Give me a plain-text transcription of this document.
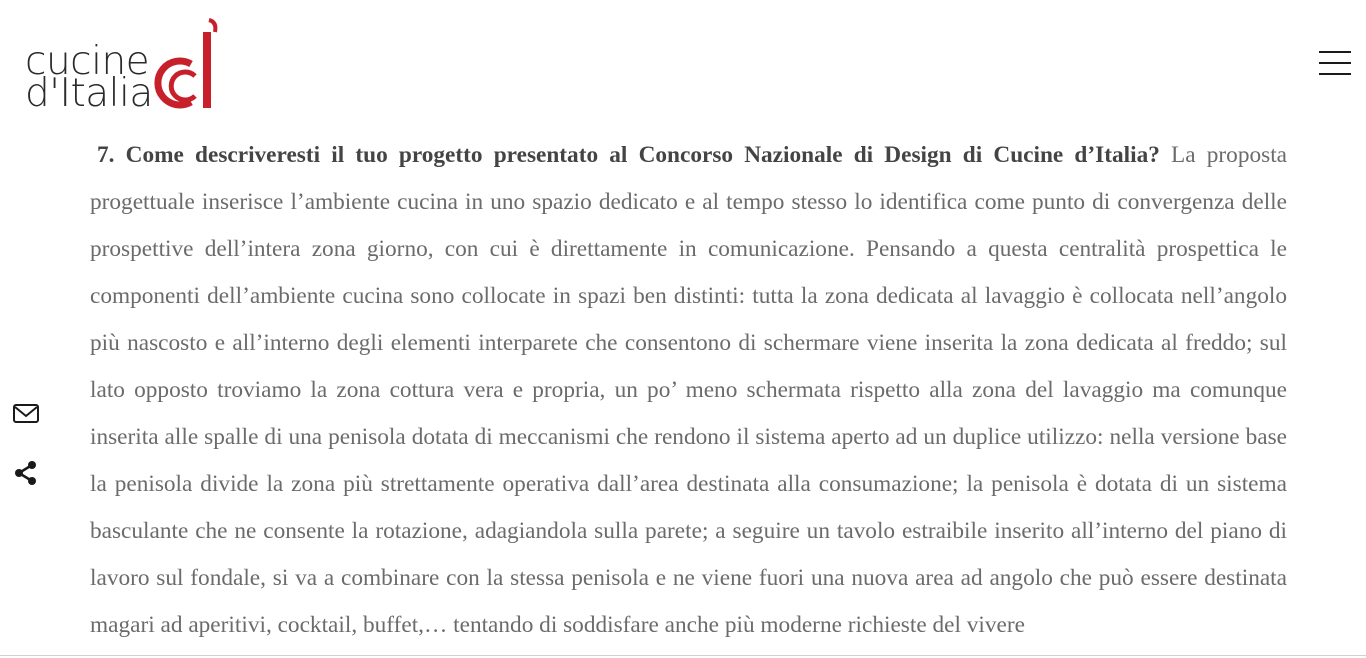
cucine
d'Italia

7. Come descriveresti il tuo progetto presentato al Concorso Nazionale di Design di Cucine d’Italia? La proposta progettuale inserisce l’ambiente cucina in uno spazio dedicato e al tempo stesso lo identifica come punto di convergenza delle prospettive dell’intera zona giorno, con cui è direttamente in comunicazione. Pensando a questa centralità prospettica le componenti dell’ambiente cucina sono collocate in spazi ben distinti: tutta la zona dedicata al lavaggio è collocata nell’angolo più nascosto e all’interno degli elementi interparete che consentono di schermare viene inserita la zona dedicata al freddo; sul lato opposto troviamo la zona cottura vera e propria, un po’ meno schermata rispetto alla zona del lavaggio ma comunque inserita alle spalle di una penisola dotata di meccanismi che rendono il sistema aperto ad un duplice utilizzo: nella versione base la penisola divide la zona più strettamente operativa dall’area destinata alla consumazione; la penisola è dotata di un sistema basculante che ne consente la rotazione, adagiandola sulla parete; a seguire un tavolo estraibile inserito all’interno del piano di lavoro sul fondale, si va a combinare con la stessa penisola e ne viene fuori una nuova area ad angolo che può essere destinata magari ad aperitivi, cocktail, buffet,… tentando di soddisfare anche più moderne richieste del vivere
